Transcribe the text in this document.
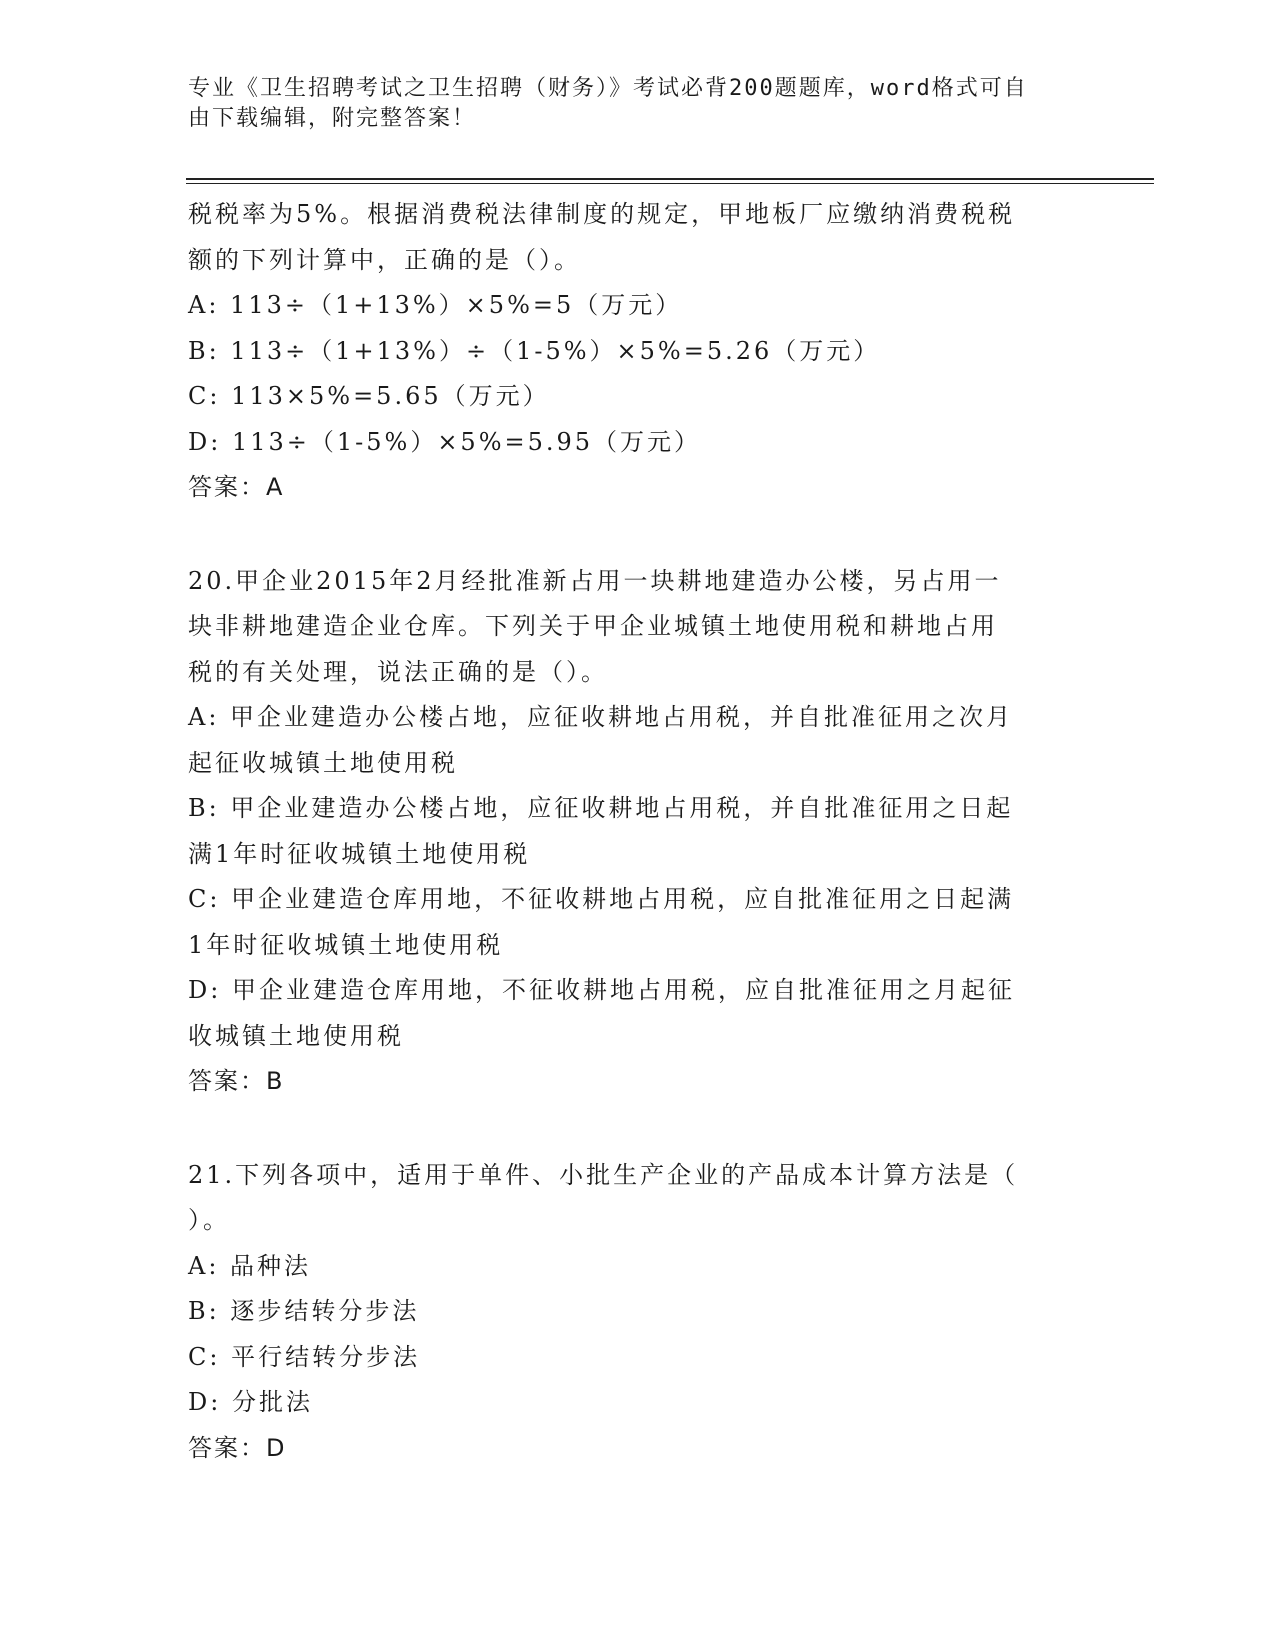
专业《卫生招聘考试之卫生招聘（财务）》考试必背200题题库，word格式可自
由下载编辑，附完整答案！
税税率为5%。根据消费税法律制度的规定，甲地板厂应缴纳消费税税
额的下列计算中，正确的是（）。
A: 113÷（1+13%）×5%=5（万元）
B: 113÷（1+13%）÷（1-5%）×5%=5.26（万元）
C: 113×5%=5.65（万元）
D: 113÷（1-5%）×5%=5.95（万元）
答案：A
20.甲企业2015年2月经批准新占用一块耕地建造办公楼，另占用一
块非耕地建造企业仓库。下列关于甲企业城镇土地使用税和耕地占用
税的有关处理，说法正确的是（）。
A: 甲企业建造办公楼占地，应征收耕地占用税，并自批准征用之次月
起征收城镇土地使用税
B: 甲企业建造办公楼占地，应征收耕地占用税，并自批准征用之日起
满1年时征收城镇土地使用税
C: 甲企业建造仓库用地，不征收耕地占用税，应自批准征用之日起满
1年时征收城镇土地使用税
D: 甲企业建造仓库用地，不征收耕地占用税，应自批准征用之月起征
收城镇土地使用税
答案：B
21.下列各项中，适用于单件、小批生产企业的产品成本计算方法是（
）。
A: 品种法
B: 逐步结转分步法
C: 平行结转分步法
D: 分批法
答案：D
